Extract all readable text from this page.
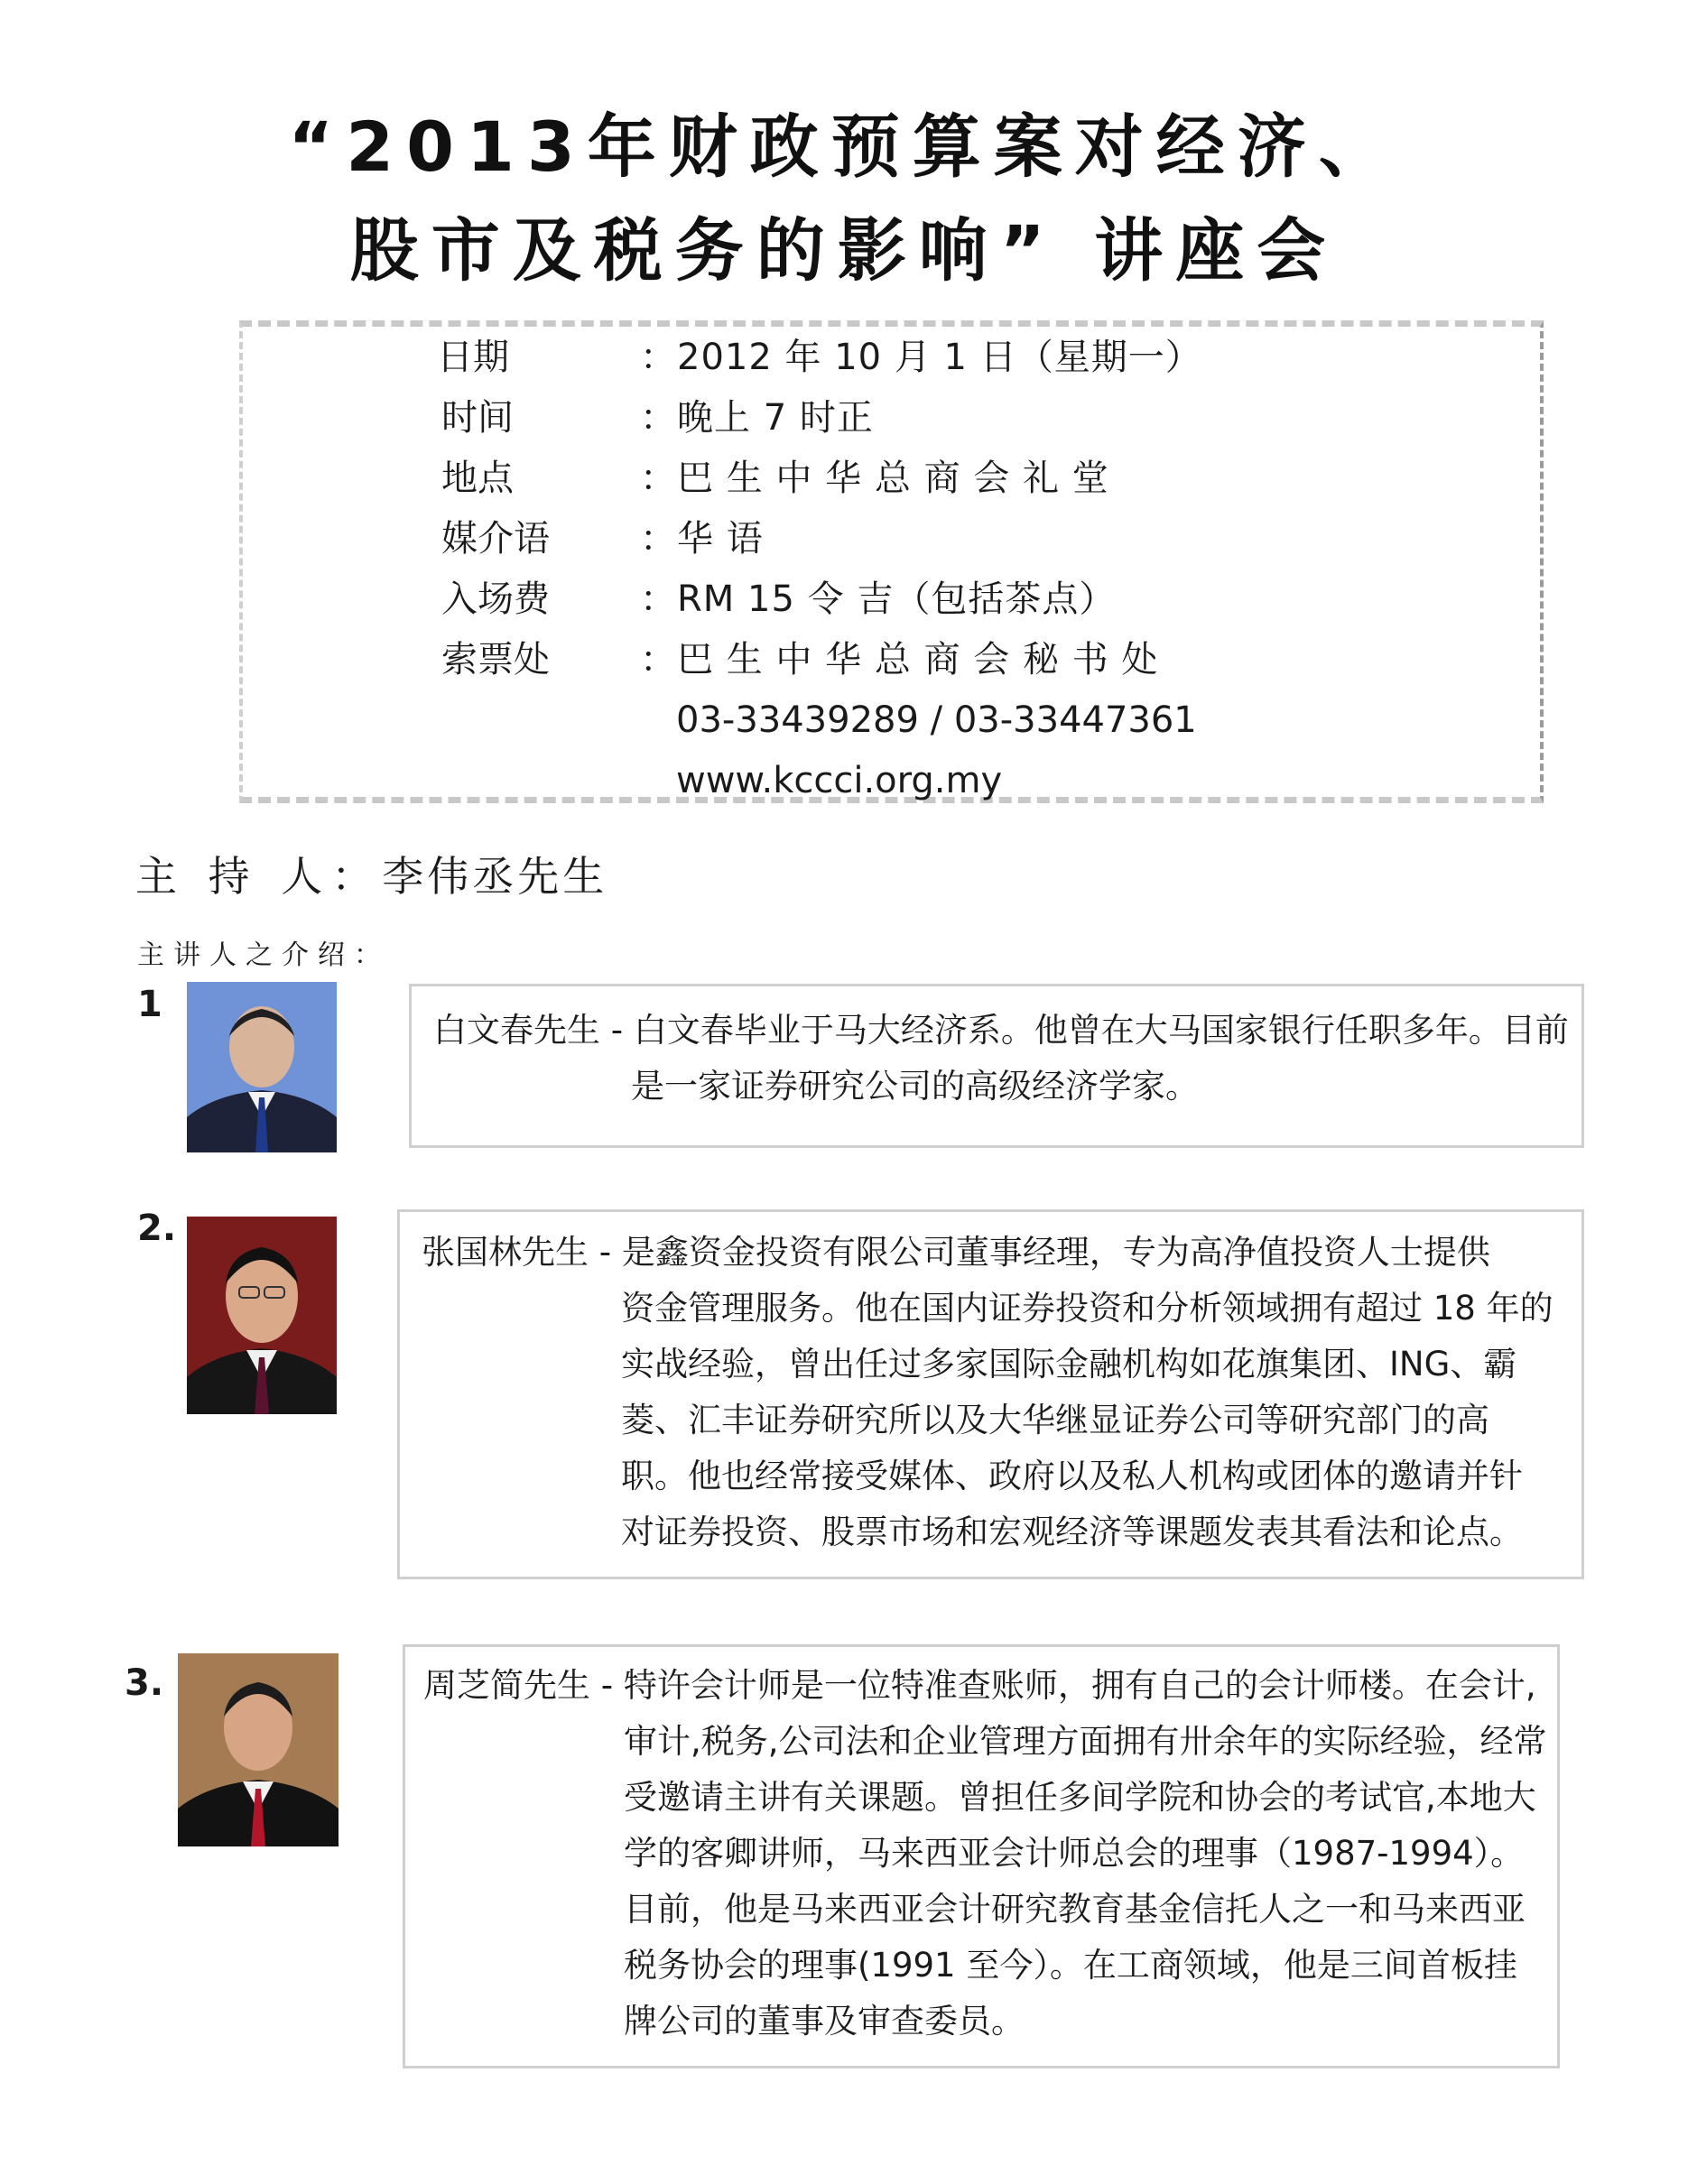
“2013年财政预算案对经济、
股市及税务的影响” 讲座会
日期	：2012 年 10 月 1 日（星期一）
时间	：晚上 7 时正
地点	：巴 生 中 华 总 商 会 礼 堂
媒介语	：华 语
入场费	：RM 15 令 吉（包括茶点）
索票处	：巴 生 中 华 总 商 会 秘 书 处
03-33439289 / 03-33447361
www.kccci.org.my
主 持 人：李伟丞先生
主讲人之介绍：
1
白文春先生 - 白文春毕业于马大经济系。他曾在大马国家银行任职多年。目前
是一家证券研究公司的高级经济学家。
2.
张国林先生 - 是鑫资金投资有限公司董事经理，专为高净值投资人士提供
资金管理服务。他在国内证券投资和分析领域拥有超过 18 年的
实战经验，曾出任过多家国际金融机构如花旗集团、ING、霸
菱、汇丰证券研究所以及大华继显证券公司等研究部门的高
职。他也经常接受媒体、政府以及私人机构或团体的邀请并针
对证券投资、股票市场和宏观经济等课题发表其看法和论点。
3.	周芝简先生 - 特许会计师是一位特准查账师，拥有自己的会计师楼。在会计,
审计,税务,公司法和企业管理方面拥有卅余年的实际经验，经常
受邀请主讲有关课题。曾担任多间学院和协会的考试官,本地大
学的客卿讲师，马来西亚会计师总会的理事（1987-1994）。
目前，他是马来西亚会计研究教育基金信托人之一和马来西亚
税务协会的理事(1991 至今）。在工商领域，他是三间首板挂
牌公司的董事及审查委员。
